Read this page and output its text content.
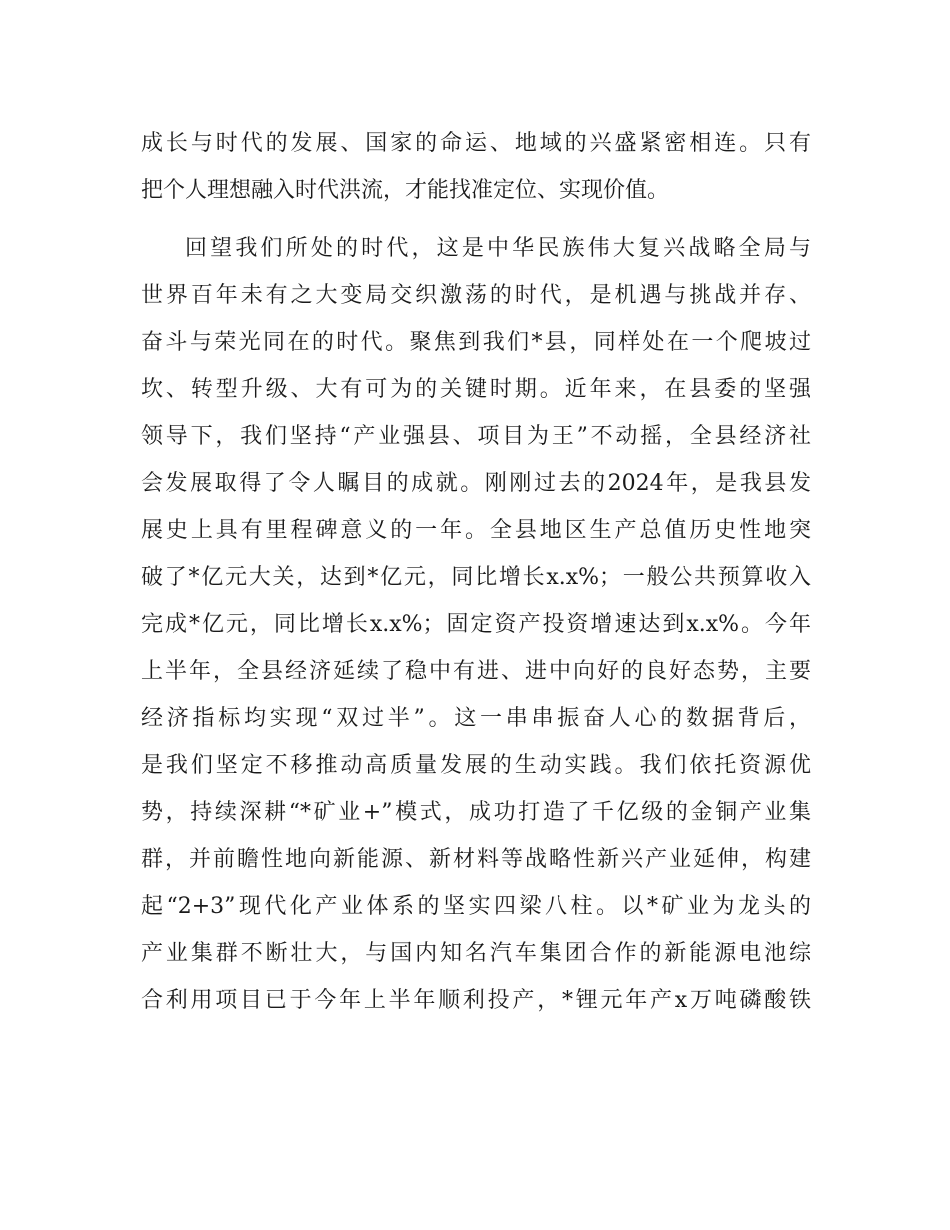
成长与时代的发展、国家的命运、地域的兴盛紧密相连。只有
把个人理想融入时代洪流，才能找准定位、实现价值。
回望我们所处的时代，这是中华民族伟大复兴战略全局与
世界百年未有之大变局交织激荡的时代，是机遇与挑战并存、
奋斗与荣光同在的时代。聚焦到我们*县，同样处在一个爬坡过
坎、转型升级、大有可为的关键时期。近年来，在县委的坚强
领导下，我们坚持“产业强县、项目为王”不动摇，全县经济社
会发展取得了令人瞩目的成就。刚刚过去的2024年，是我县发
展史上具有里程碑意义的一年。全县地区生产总值历史性地突
破了*亿元大关，达到*亿元，同比增长x.x%；一般公共预算收入
完成*亿元，同比增长x.x%；固定资产投资增速达到x.x%。今年
上半年，全县经济延续了稳中有进、进中向好的良好态势，主要
经济指标均实现“双过半”。这一串串振奋人心的数据背后，
是我们坚定不移推动高质量发展的生动实践。我们依托资源优
势，持续深耕“*矿业+”模式，成功打造了千亿级的金铜产业集
群，并前瞻性地向新能源、新材料等战略性新兴产业延伸，构建
起“2+3”现代化产业体系的坚实四梁八柱。以*矿业为龙头的
产业集群不断壮大，与国内知名汽车集团合作的新能源电池综
合利用项目已于今年上半年顺利投产，*锂元年产x万吨磷酸铁
